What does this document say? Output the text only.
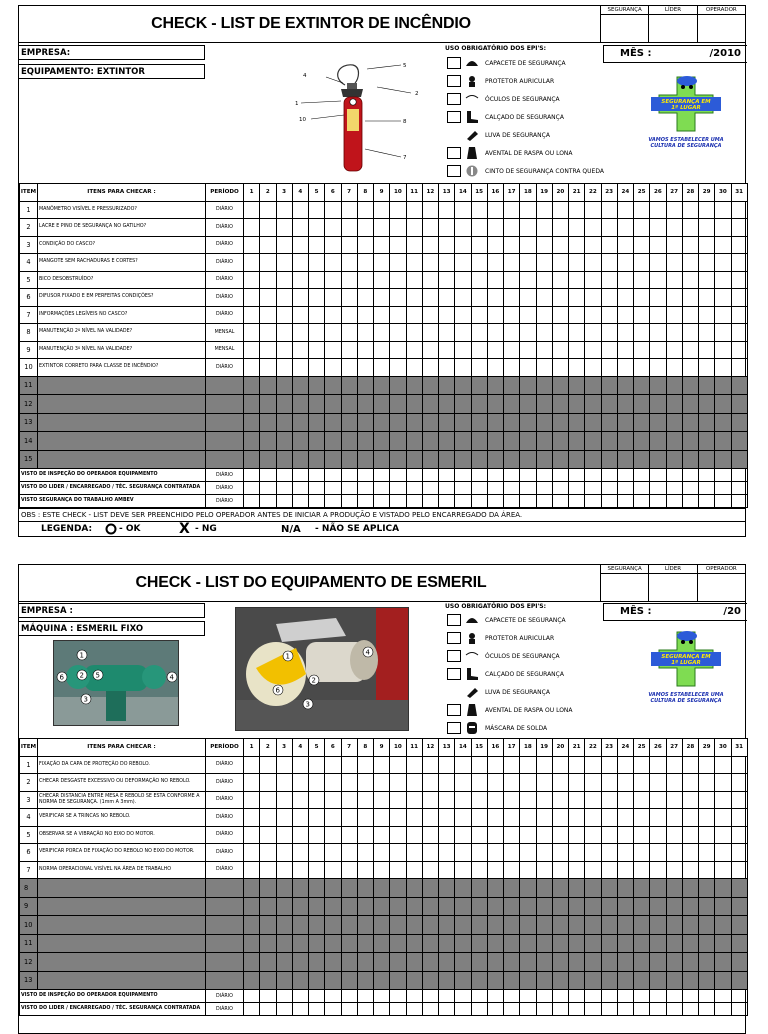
CHECK - LIST DE EXTINTOR DE INCÊNDIO
SEGURANÇA	LÍDER	OPERADOR
EMPRESA:
EQUIPAMENTO: EXTINTOR	4
5
2
1
8
10
7
USO OBRIGATÓRIO DOS EPI'S:	MÊS :	/2010
CAPACETE DE SEGURANÇA
PROTETOR AURICULAR
ÓCULOS DE SEGURANÇA
CALÇADO DE SEGURANÇA
LUVA DE SEGURANÇA
AVENTAL DE RASPA OU LONA
CINTO DE SEGURANÇA CONTRA QUEDA
SEGURANÇA EM
1º LUGAR
VAMOS ESTABELECER UMA CULTURA DE SEGURANÇA
ITEM	ITENS PARA CHECAR :	PERÍODO	1	2	3	4	5	6	7	8	9	10	11	12	13	14	15	16	17	18	19	20	21	22	23	24	25	26	27	28	29	30	31
1	MANÔMETRO VISÍVEL E PRESSURIZADO?	DIÁRIO																															
2	LACRE E PINO DE SEGURANÇA NO GATILHO?	DIÁRIO																															
3	CONDIÇÃO DO CASCO?	DIÁRIO																															
4	MANGOTE SEM RACHADURAS E CORTES?	DIÁRIO																															
5	BICO DESOBSTRUÍDO?	DIÁRIO																															
6	DIFUSOR FIXADO E EM PERFEITAS CONDIÇÕES?	DIÁRIO																															
7	INFORMAÇÕES LEGÍVEIS NO CASCO?	DIÁRIO																															
8	MANUTENÇÃO 2º NÍVEL NA VALIDADE?	MENSAL																															
9	MANUTENÇÃO 3º NÍVEL NA VALIDADE?	MENSAL																															
10	EXTINTOR CORRETO PARA CLASSE DE INCÊNDIO?	DIÁRIO																															
11																																	
12																																	
13																																	
14																																	
15																																	
VISTO DE INSPEÇÃO DO OPERADOR EQUIPAMENTO		DIÁRIO																															
VISTO DO LIDER / ENCARREGADO / TÉC. SEGURANÇA CONTRATADA		DIÁRIO																															
VISTO SEGURANÇA DO TRABALHO AMBEV		DIÁRIO																															
OBS : ESTE CHECK - LIST DEVE SER PREENCHIDO PELO OPERADOR ANTES DE INICIAR A PRODUÇÃO E VISTADO PELO ENCARREGADO DA ÁREA.
LEGENDA:	- OK	X - NG	N/A - NÃO SE APLICA
CHECK - LIST DO EQUIPAMENTO DE ESMERIL
SEGURANÇA	LÍDER	OPERADOR
EMPRESA :
MÁQUINA : ESMERIL FIXO
1
6 2 5	4
3
1	4
2
6
3
USO OBRIGATÓRIO DOS EPI'S:	MÊS :	/20
CAPACETE DE SEGURANÇA
PROTETOR AURICULAR
ÓCULOS DE SEGURANÇA
CALÇADO DE SEGURANÇA
LUVA DE SEGURANÇA
AVENTAL DE RASPA OU LONA
MÁSCARA DE SOLDA
SEGURANÇA EM
1º LUGAR
VAMOS ESTABELECER UMA CULTURA DE SEGURANÇA
ITEM	ITENS PARA CHECAR :	PERÍODO	1	2	3	4	5	6	7	8	9	10	11	12	13	14	15	16	17	18	19	20	21	22	23	24	25	26	27	28	29	30	31
1	FIXAÇÃO DA CAPA DE PROTEÇÃO DO REBOLO.	DIÁRIO																															
2	CHECAR DESGASTE EXCESSIVO OU DEFORMAÇÃO NO REBOLO.	DIÁRIO																															
3	CHECAR DISTANCIA ENTRE MESA E REBOLO SE ESTA CONFORME A NORMA DE SEGURANÇA. (1mm A 3mm).	DIÁRIO																															
4	VERIFICAR SE A TRINCAS NO REBOLO.	DIÁRIO																															
5	OBSERVAR SE A VIBRAÇÃO NO EIXO DO MOTOR.	DIÁRIO																															
6	VERIFICAR PORCA DE FIXAÇÃO DO REBOLO NO EIXO DO MOTOR.	DIÁRIO																															
7	NORMA OPERACIONAL VISÍVEL NA ÁREA DE TRABALHO	DIÁRIO																															
8																																	
9																																	
10																																	
11																																	
12																																	
13																																	
VISTO DE INSPEÇÃO DO OPERADOR EQUIPAMENTO		DIÁRIO																															
VISTO DO LIDER / ENCARREGADO / TÉC. SEGURANÇA CONTRATADA		DIÁRIO																															
